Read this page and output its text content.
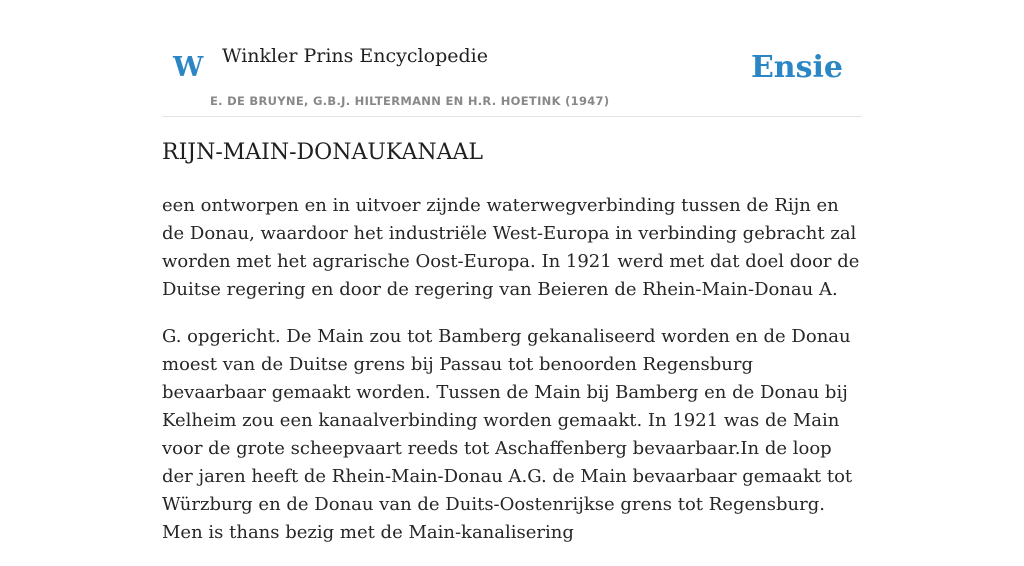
W Winkler Prins Encyclopedie
E. DE BRUYNE, G.B.J. HILTERMANN EN H.R. HOETINK (1947)
Ensie
RIJN-MAIN-DONAUKANAAL

een ontworpen en in uitvoer zijnde waterwegverbinding tussen de Rijn en de Donau, waardoor het industriële West-Europa in verbinding gebracht zal worden met het agrarische Oost-Europa. In 1921 werd met dat doel door de Duitse regering en door de regering van Beieren de Rhein-Main-Donau A.

G. opgericht. De Main zou tot Bamberg gekanaliseerd worden en de Donau moest van de Duitse grens bij Passau tot benoorden Regensburg bevaarbaar gemaakt worden. Tussen de Main bij Bamberg en de Donau bij Kelheim zou een kanaalverbinding worden gemaakt. In 1921 was de Main voor de grote scheepvaart reeds tot Aschaffenberg bevaarbaar.In de loop der jaren heeft de Rhein-Main-Donau A.G. de Main bevaarbaar gemaakt tot Würzburg en de Donau van de Duits-Oostenrijkse grens tot Regensburg. Men is thans bezig met de Main-kanalisering
